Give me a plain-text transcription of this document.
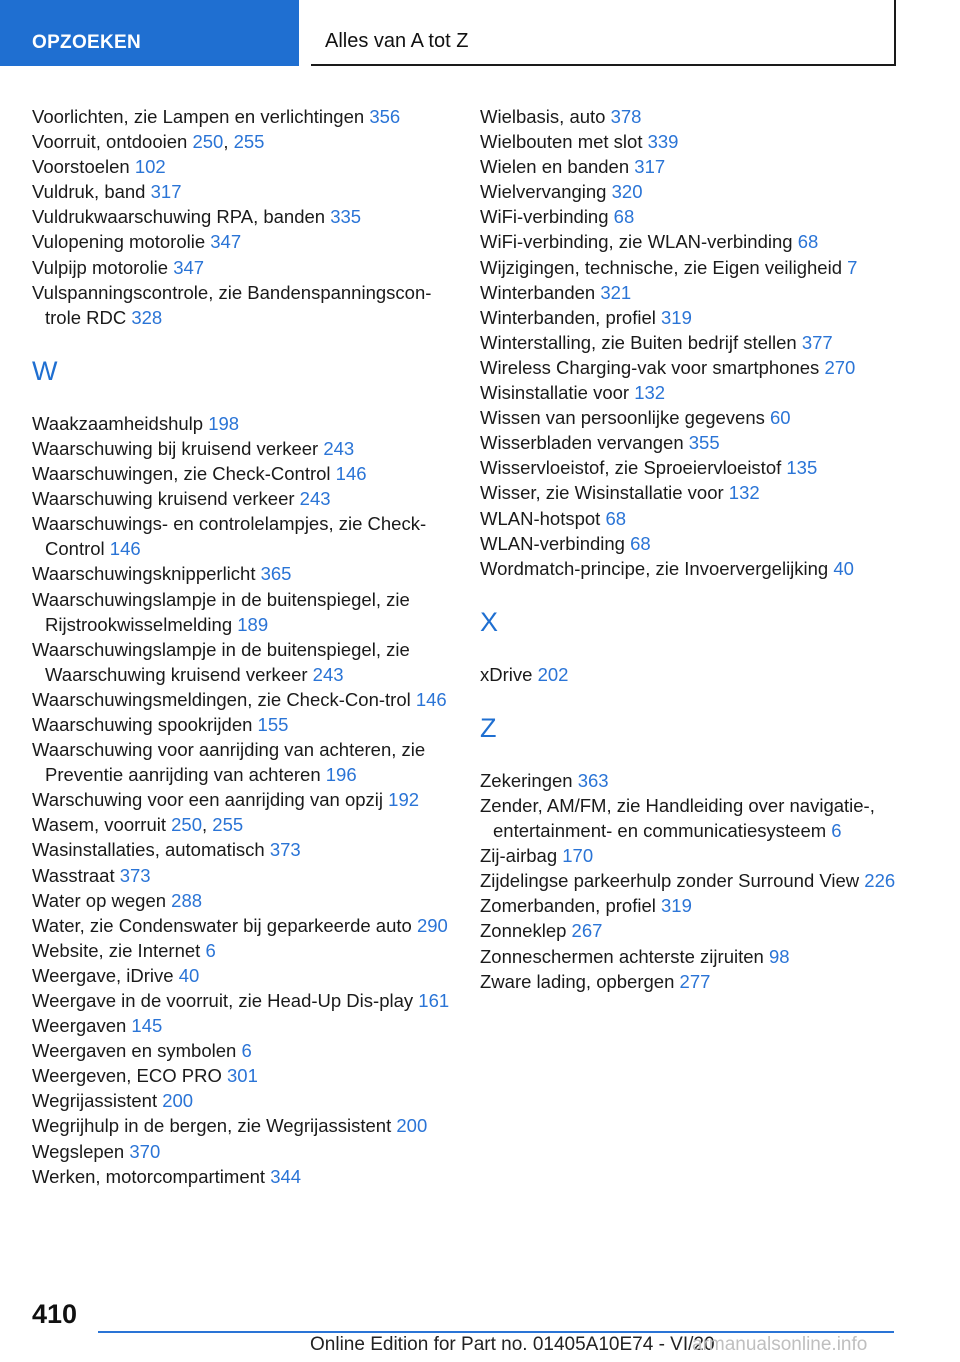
OPZOEKEN	Alles van A tot Z
Voorlichten, zie Lampen en verlichtingen 356
Voorruit, ontdooien 250, 255
Voorstoelen 102
Vuldruk, band 317
Vuldrukwaarschuwing RPA, banden 335
Vulopening motorolie 347
Vulpijp motorolie 347
Vulspanningscontrole, zie Bandenspanningscon-trole RDC 328
W
Waakzaamheidshulp 198
Waarschuwing bij kruisend verkeer 243
Waarschuwingen, zie Check-Control 146
Waarschuwing kruisend verkeer 243
Waarschuwings- en controlelampjes, zie Check-Control 146
Waarschuwingsknipperlicht 365
Waarschuwingslampje in de buitenspiegel, zie Rijstrookwisselmelding 189
Waarschuwingslampje in de buitenspiegel, zie Waarschuwing kruisend verkeer 243
Waarschuwingsmeldingen, zie Check-Con-trol 146
Waarschuwing spookrijden 155
Waarschuwing voor aanrijding van achteren, zie Preventie aanrijding van achteren 196
Warschuwing voor een aanrijding van opzij 192
Wasem, voorruit 250, 255
Wasinstallaties, automatisch 373
Wasstraat 373
Water op wegen 288
Water, zie Condenswater bij geparkeerde auto 290
Website, zie Internet 6
Weergave, iDrive 40
Weergave in de voorruit, zie Head-Up Dis-play 161
Weergaven 145
Weergaven en symbolen 6
Weergeven, ECO PRO 301
Wegrijassistent 200
Wegrijhulp in de bergen, zie Wegrijassistent 200
Wegslepen 370
Werken, motorcompartiment 344
Wielbasis, auto 378
Wielbouten met slot 339
Wielen en banden 317
Wielvervanging 320
WiFi-verbinding 68
WiFi-verbinding, zie WLAN-verbinding 68
Wijzigingen, technische, zie Eigen veiligheid 7
Winterbanden 321
Winterbanden, profiel 319
Winterstalling, zie Buiten bedrijf stellen 377
Wireless Charging-vak voor smartphones 270
Wisinstallatie voor 132
Wissen van persoonlijke gegevens 60
Wisserbladen vervangen 355
Wisservloeistof, zie Sproeiervloeistof 135
Wisser, zie Wisinstallatie voor 132
WLAN-hotspot 68
WLAN-verbinding 68
Wordmatch-principe, zie Invoervergelijking 40
X
xDrive 202
Z
Zekeringen 363
Zender, AM/FM, zie Handleiding over navigatie-, entertainment- en communicatiesysteem 6
Zij-airbag 170
Zijdelingse parkeerhulp zonder Surround View 226
Zomerbanden, profiel 319
Zonneklep 267
Zonneschermen achterste zijruiten 98
Zware lading, opbergen 277
410
Online Edition for Part no. 01405A10E74 - VI/20
armanualsonline.info
